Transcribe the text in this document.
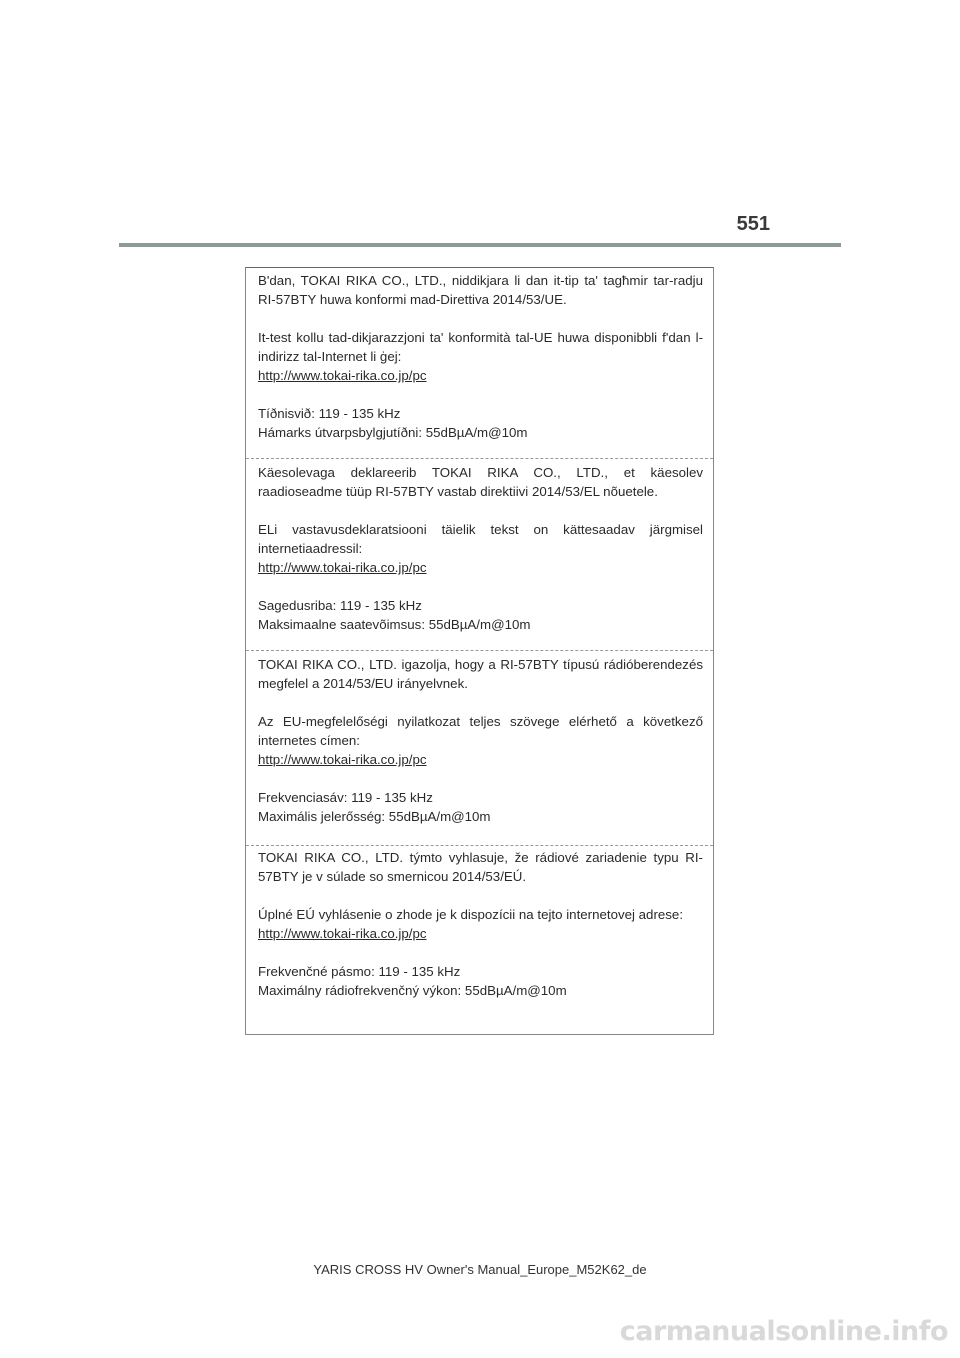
551

B'dan, TOKAI RIKA CO., LTD., niddikjara li dan it-tip ta' tagħmir tar-radju RI-57BTY huwa konformi mad-Direttiva 2014/53/UE.

It-test kollu tad-dikjarazzjoni ta' konformità tal-UE huwa disponibbli f'dan l-indirizz tal-Internet li ġej:

http://www.tokai-rika.co.jp/pc
Tíðnisvið: 119 - 135 kHz
Hámarks útvarpsbylgjutíðni: 55dBµA/m@10m

Käesolevaga deklareerib TOKAI RIKA CO., LTD., et käesolev raadioseadme tüüp RI-57BTY vastab direktiivi 2014/53/EL nõuetele.

ELi vastavusdeklaratsiooni täielik tekst on kättesaadav järgmisel internetiaadressil:

http://www.tokai-rika.co.jp/pc
Sagedusriba: 119 - 135 kHz
Maksimaalne saatevõimsus: 55dBµA/m@10m

TOKAI RIKA CO., LTD. igazolja, hogy a RI-57BTY típusú rádióberendezés megfelel a 2014/53/EU irányelvnek.

Az EU-megfelelőségi nyilatkozat teljes szövege elérhető a következő internetes címen:

http://www.tokai-rika.co.jp/pc
Frekvenciasáv: 119 - 135 kHz
Maximális jelerősség: 55dBµA/m@10m

TOKAI RIKA CO., LTD. týmto vyhlasuje, že rádiové zariadenie typu RI-57BTY je v súlade so smernicou 2014/53/EÚ.

Úplné EÚ vyhlásenie o zhode je k dispozícii na tejto internetovej adrese:

http://www.tokai-rika.co.jp/pc
Frekvenčné pásmo: 119 - 135 kHz
Maximálny rádiofrekvenčný výkon: 55dBµA/m@10m
YARIS CROSS HV Owner's Manual_Europe_M52K62_de
carmanualsonline.info
